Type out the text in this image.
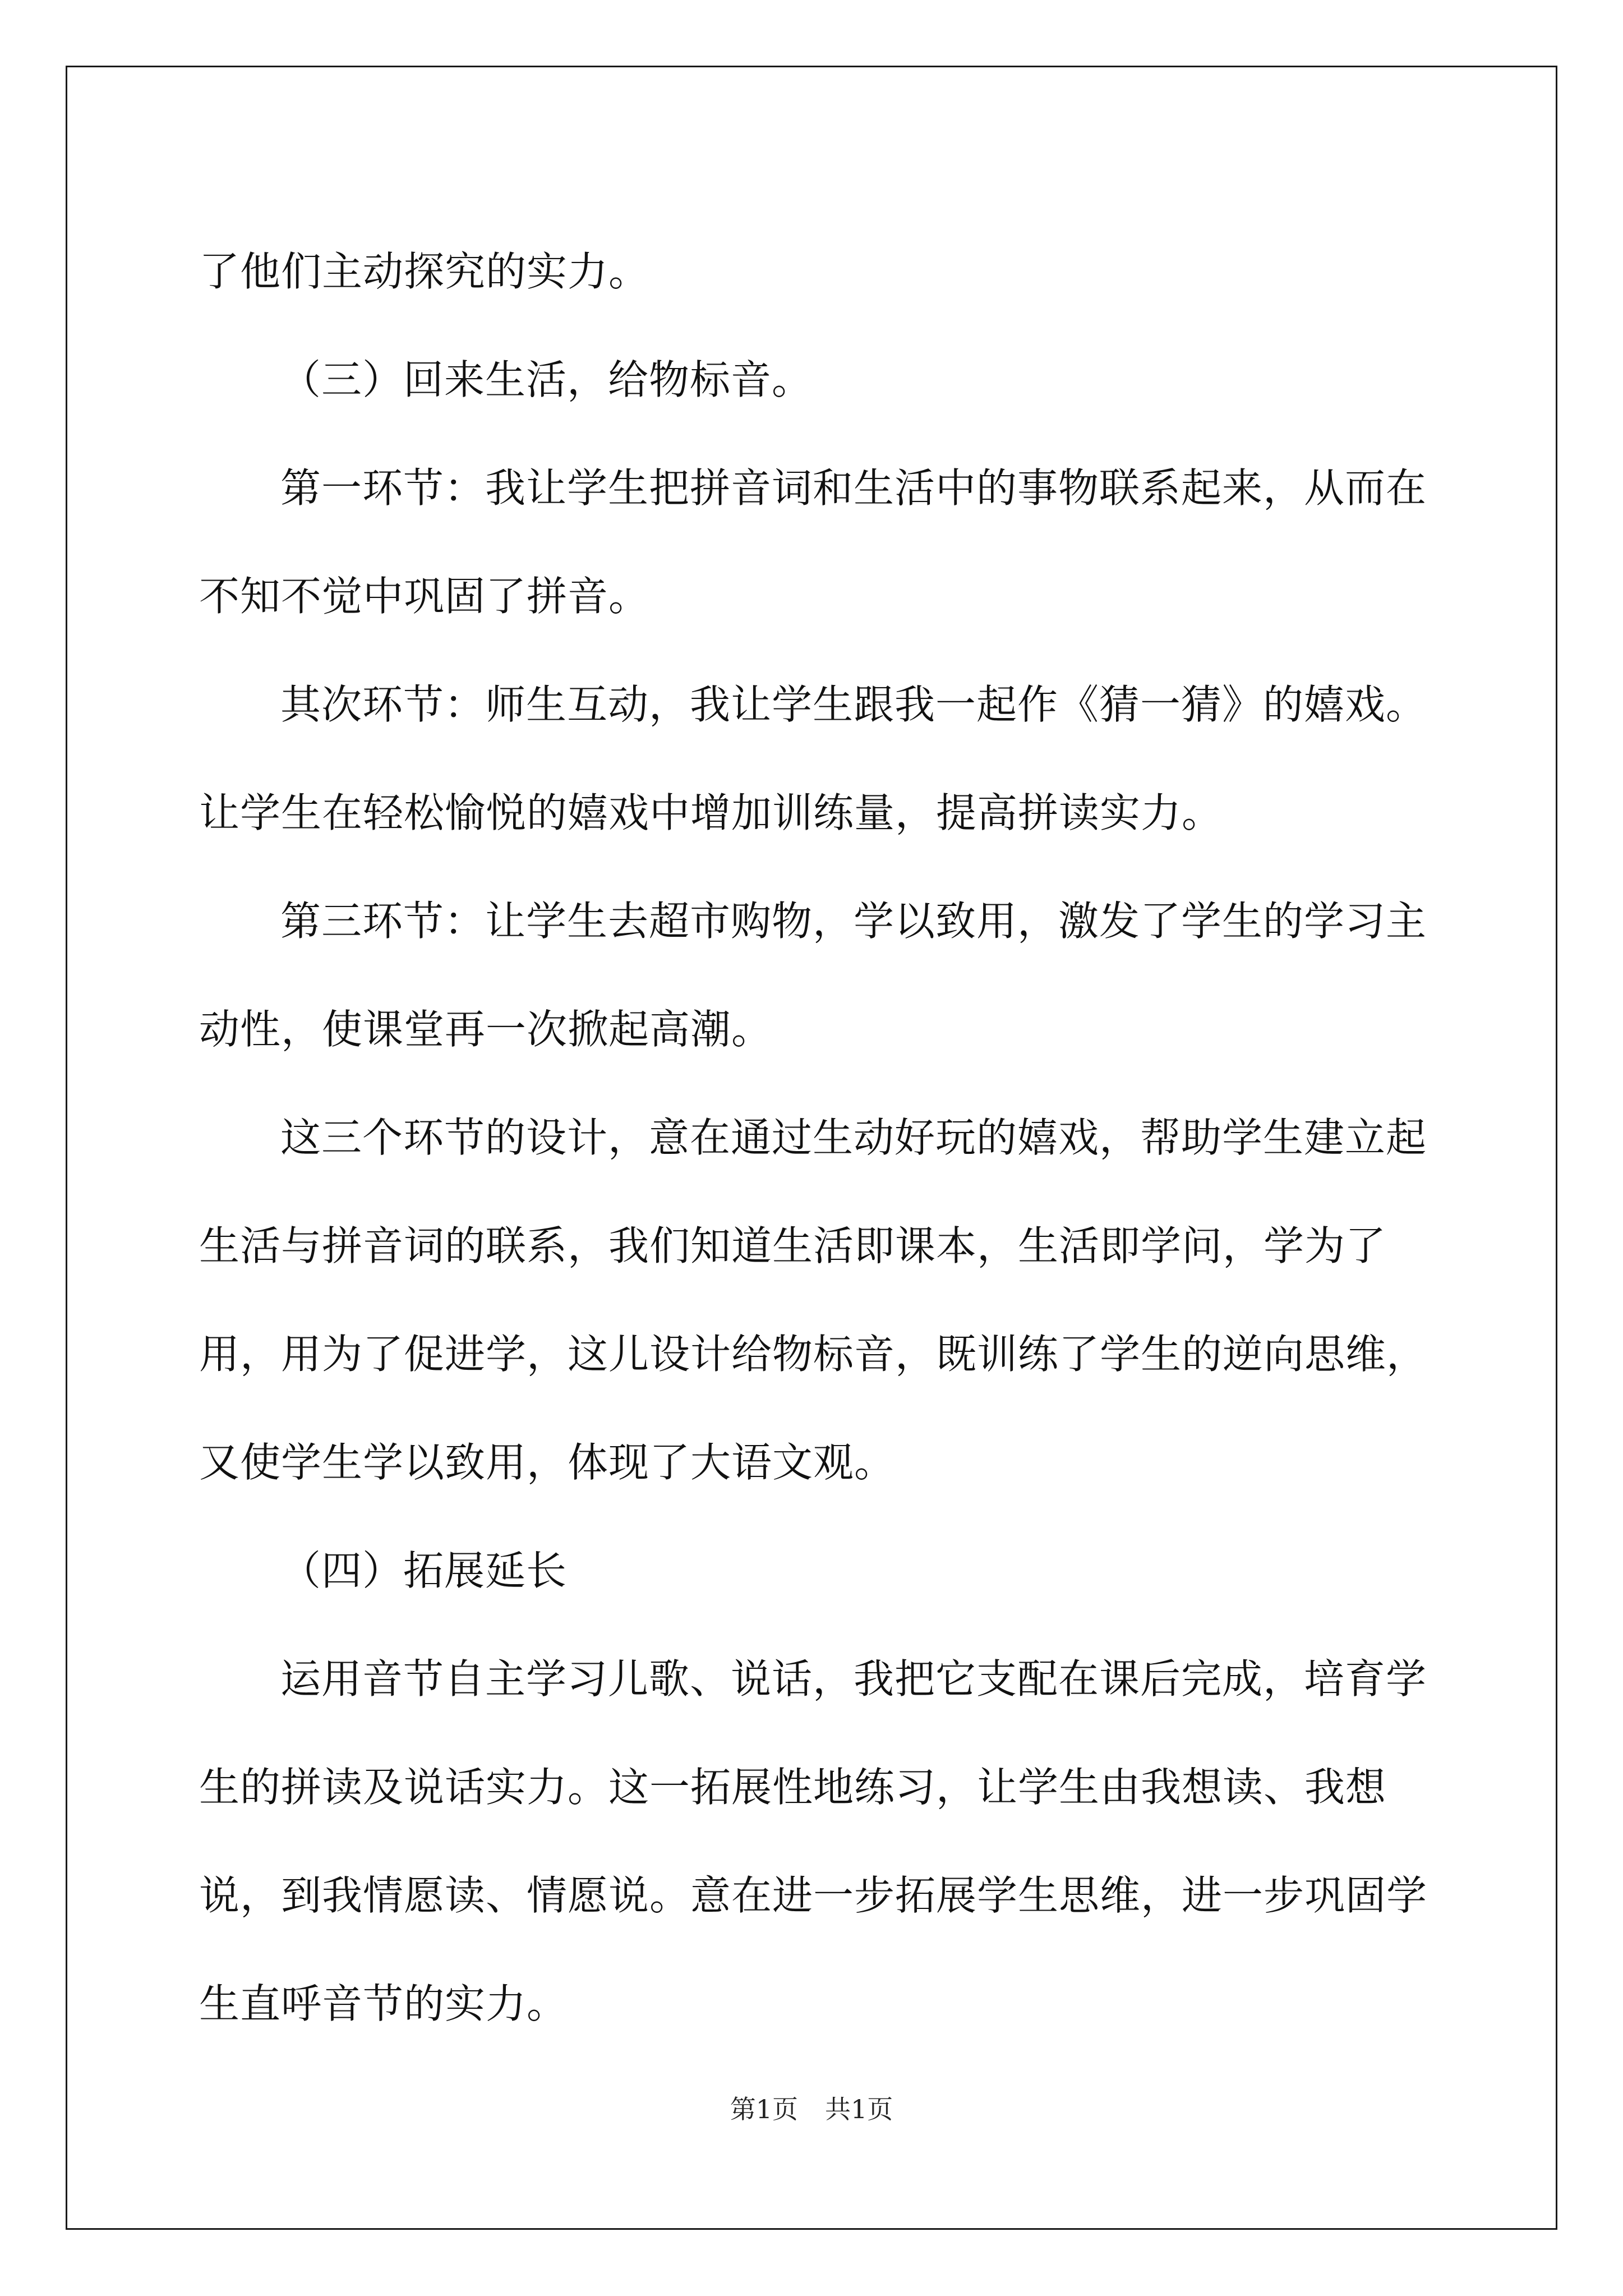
了他们主动探究的实力。

（三）回来生活，给物标音。

第一环节：我让学生把拼音词和生活中的事物联系起来，从而在不知不觉中巩固了拼音。

其次环节：师生互动，我让学生跟我一起作《猜一猜》的嬉戏。让学生在轻松愉悦的嬉戏中增加训练量，提高拼读实力。

第三环节：让学生去超市购物，学以致用，激发了学生的学习主动性，使课堂再一次掀起高潮。

这三个环节的设计，意在通过生动好玩的嬉戏，帮助学生建立起生活与拼音词的联系，我们知道生活即课本，生活即学问，学为了用，用为了促进学，这儿设计给物标音，既训练了学生的逆向思维，又使学生学以致用，体现了大语文观。

（四）拓展延长

运用音节自主学习儿歌、说话，我把它支配在课后完成，培育学生的拼读及说话实力。这一拓展性地练习，让学生由我想读、我想说，到我情愿读、情愿说。意在进一步拓展学生思维，进一步巩固学生直呼音节的实力。

第1页 共1页
